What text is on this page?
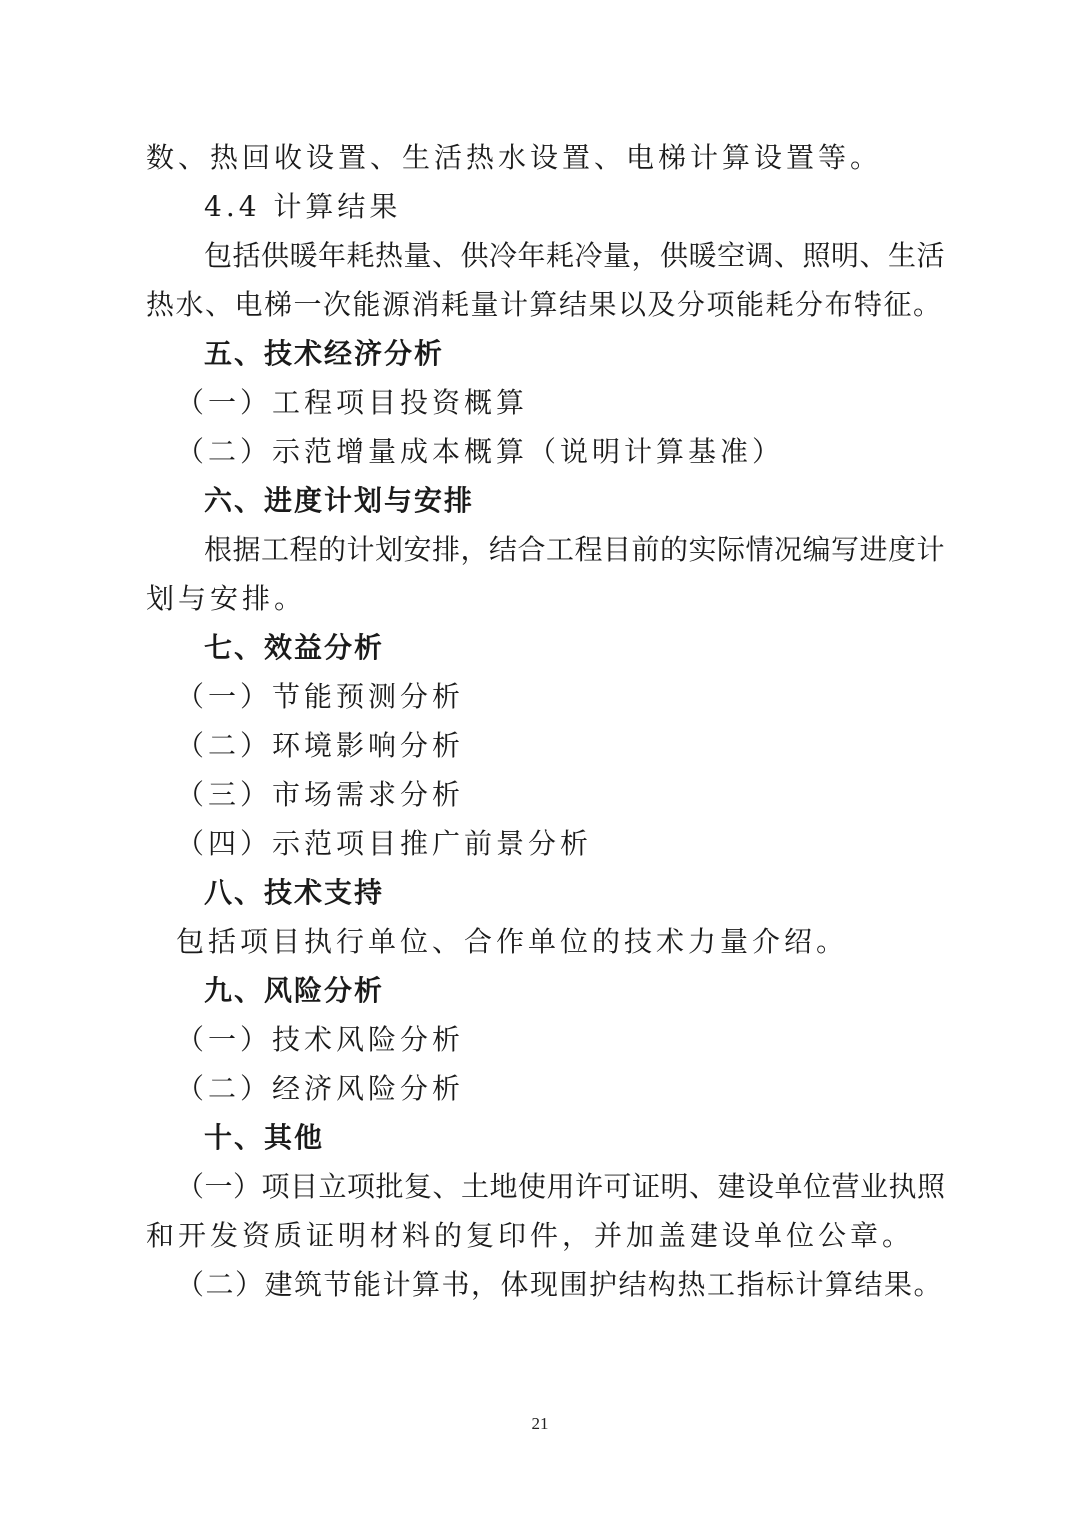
数、热回收设置、生活热水设置、电梯计算设置等。
4.4 计算结果
包括供暖年耗热量、供冷年耗冷量，供暖空调、照明、生活
热水、电梯一次能源消耗量计算结果以及分项能耗分布特征。
五、技术经济分析
（一）工程项目投资概算
（二）示范增量成本概算（说明计算基准）
六、进度计划与安排
根据工程的计划安排，结合工程目前的实际情况编写进度计
划与安排。
七、效益分析
（一）节能预测分析
（二）环境影响分析
（三）市场需求分析
（四）示范项目推广前景分析
八、技术支持
包括项目执行单位、合作单位的技术力量介绍。
九、风险分析
（一）技术风险分析
（二）经济风险分析
十、其他
（一）项目立项批复、土地使用许可证明、建设单位营业执照
和开发资质证明材料的复印件，并加盖建设单位公章。
（二）建筑节能计算书，体现围护结构热工指标计算结果。
21
